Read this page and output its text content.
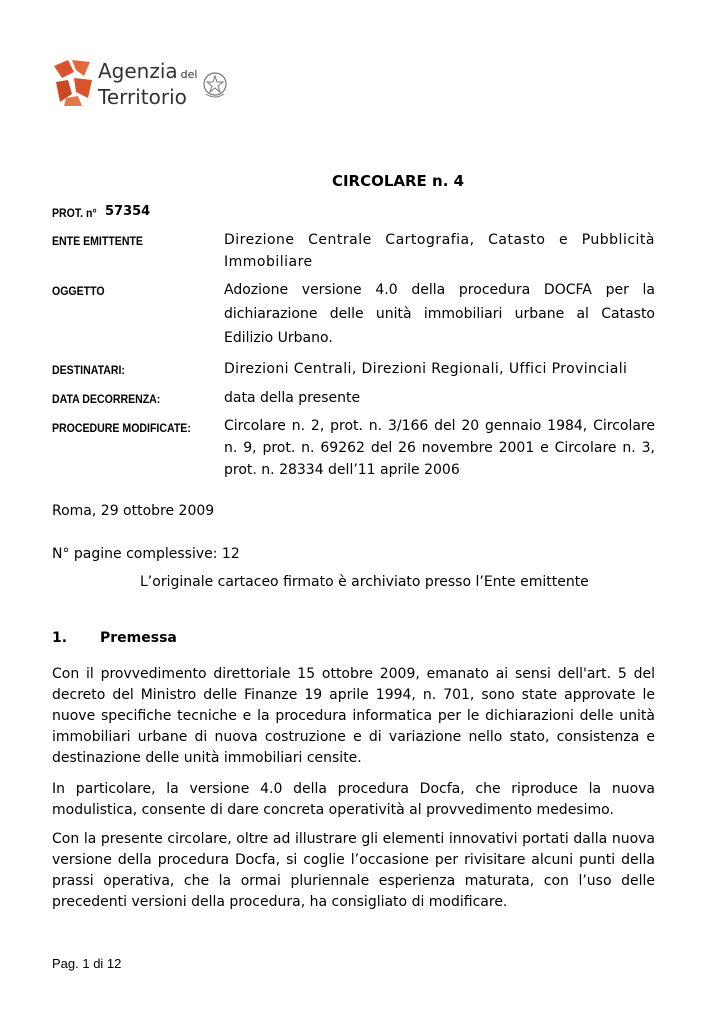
Agenzia del
Territorio
CIRCOLARE n. 4
PROT. n° 57354
ENTE EMITTENTE	Direzione Centrale Cartografia, Catasto e Pubblicità Immobiliare
OGGETTO	Adozione versione 4.0 della procedura DOCFA per la dichiarazione delle unità immobiliari urbane al Catasto Edilizio Urbano.
DESTINATARI:	Direzioni Centrali, Direzioni Regionali, Uffici Provinciali
DATA DECORRENZA:	data della presente
PROCEDURE MODIFICATE: Circolare n. 2, prot. n. 3/166 del 20 gennaio 1984, Circolare n. 9, prot. n. 69262 del 26 novembre 2001 e Circolare n. 3, prot. n. 28334 dell’11 aprile 2006
Roma, 29 ottobre 2009
N° pagine complessive: 12
L’originale cartaceo firmato è archiviato presso l’Ente emittente
1. Premessa
Con il provvedimento direttoriale 15 ottobre 2009, emanato ai sensi dell'art. 5 del decreto del Ministro delle Finanze 19 aprile 1994, n. 701, sono state approvate le nuove specifiche tecniche e la procedura informatica per le dichiarazioni delle unità immobiliari urbane di nuova costruzione e di variazione nello stato, consistenza e destinazione delle unità immobiliari censite.
In particolare, la versione 4.0 della procedura Docfa, che riproduce la nuova modulistica, consente di dare concreta operatività al provvedimento medesimo.
Con la presente circolare, oltre ad illustrare gli elementi innovativi portati dalla nuova versione della procedura Docfa, si coglie l’occasione per rivisitare alcuni punti della prassi operativa, che la ormai pluriennale esperienza maturata, con l’uso delle precedenti versioni della procedura, ha consigliato di modificare.
Pag. 1 di 12
